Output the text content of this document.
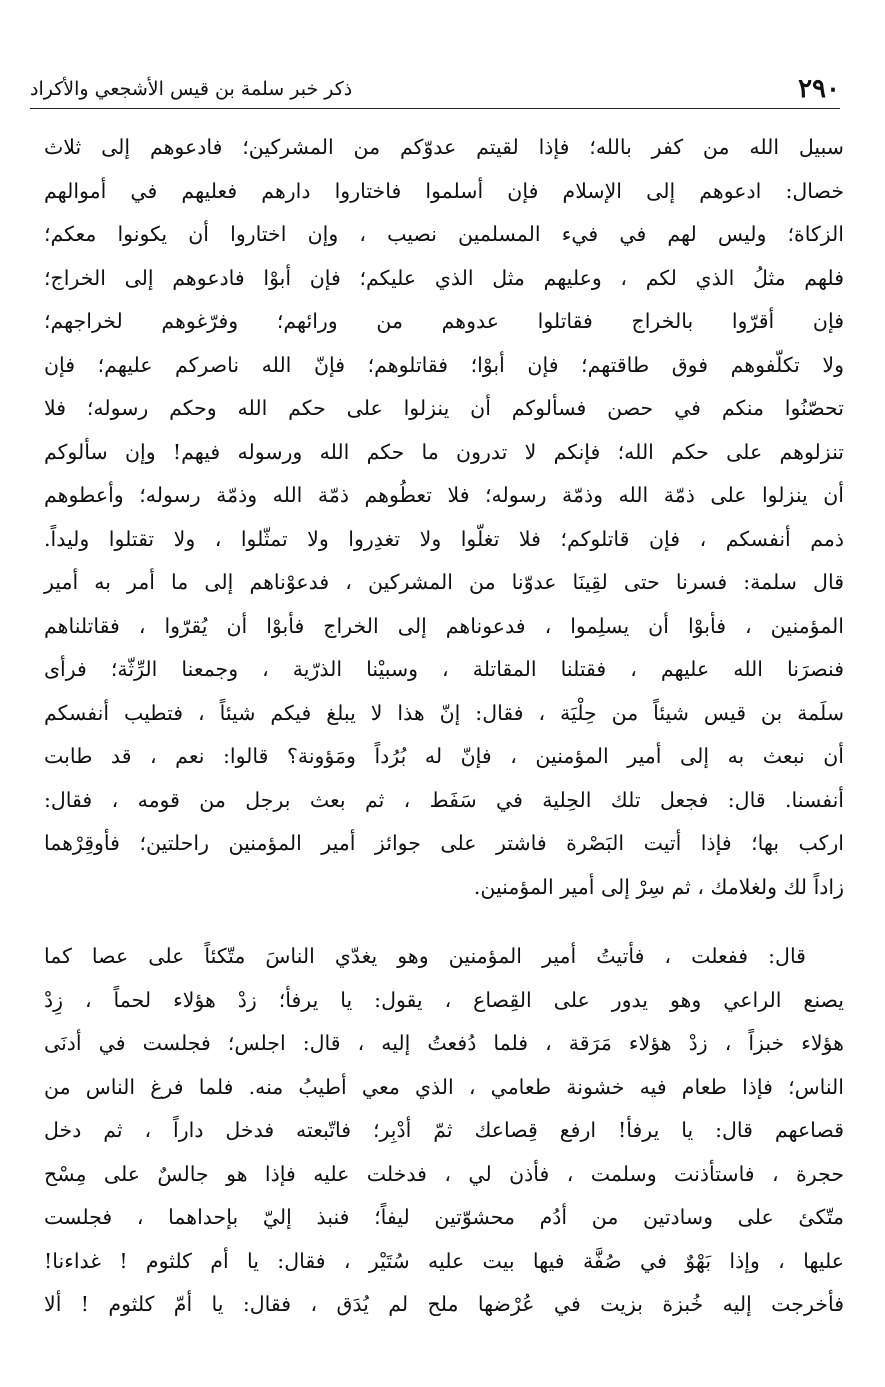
٢٩٠
ذكر خبر سلمة بن قيس الأشجعي والأكراد
سبيل الله من كفر بالله؛ فإذا لقيتم عدوّكم من المشركين؛ فادعوهم إلى ثلاث
خصال: ادعوهم إلى الإسلام فإن أسلموا فاختاروا دارهم فعليهم في أموالهم
الزكاة؛ وليس لهم في فيء المسلمين نصيب ، وإن اختاروا أن يكونوا معكم؛
فلهم مثلُ الذي لكم ، وعليهم مثل الذي عليكم؛ فإن أبوْا فادعوهم إلى الخراج؛
فإن أقرّوا بالخراج فقاتلوا عدوهم من ورائهم؛ وفرّغوهم لخراجهم؛
ولا تكلّفوهم فوق طاقتهم؛ فإن أبوْا؛ فقاتلوهم؛ فإنّ الله ناصركم عليهم؛ فإن
تحصّنُوا منكم في حصن فسألوكم أن ينزلوا على حكم الله وحكم رسوله؛ فلا
تنزلوهم على حكم الله؛ فإنكم لا تدرون ما حكم الله ورسوله فيهم! وإن سألوكم
أن ينزلوا على ذمّة الله وذمّة رسوله؛ فلا تعطُوهم ذمّة الله وذمّة رسوله؛ وأعطوهم
ذمم أنفسكم ، فإن قاتلوكم؛ فلا تغلّوا ولا تغدِروا ولا تمثّلوا ، ولا تقتلوا وليداً.
قال سلمة: فسرنا حتى لقِينَا عدوّنا من المشركين ، فدعوْناهم إلى ما أمر به أمير
المؤمنين ، فأبوْا أن يسلِموا ، فدعوناهم إلى الخراج فأبوْا أن يُقرّوا ، فقاتلناهم
فنصرَنا الله عليهم ، فقتلنا المقاتلة ، وسبيْنا الذرّية ، وجمعنا الرِّثّة؛ فرأى
سلَمة بن قيس شيئاً من حِلْيَة ، فقال: إنّ هذا لا يبلغ فيكم شيئاً ، فتطيب أنفسكم
أن نبعث به إلى أمير المؤمنين ، فإنّ له بُرُداً ومَؤونة؟ قالوا: نعم ، قد طابت
أنفسنا. قال: فجعل تلك الحِلية في سَفَط ، ثم بعث برجل من قومه ، فقال:
اركب بها؛ فإذا أتيت البَصْرة فاشتر على جوائز أمير المؤمنين راحلتين؛ فأوقِرْهما
زاداً لك ولغلامك ، ثم سِرْ إلى أمير المؤمنين.
قال: ففعلت ، فأتيتُ أمير المؤمنين وهو يغدّي الناسَ متّكئاً على عصا كما
يصنع الراعي وهو يدور على القِصاع ، يقول: يا يرفأ؛ زدْ هؤلاء لحماً ، زِدْ
هؤلاء خبزاً ، زدْ هؤلاء مَرَقة ، فلما دُفعتُ إليه ، قال: اجلس؛ فجلست في أدنَى
الناس؛ فإذا طعام فيه خشونة طعامي ، الذي معي أطيبُ منه. فلما فرغ الناس من
قصاعهم قال: يا يرفأ! ارفع قِصاعك ثمّ أدْبِر؛ فاتّبعته فدخل داراً ، ثم دخل
حجرة ، فاستأذنت وسلمت ، فأذن لي ، فدخلت عليه فإذا هو جالسٌ على مِسْح
متّكئ على وسادتين من أدُم محشوّتين ليفاً؛ فنبذ إليّ بإحداهما ، فجلست
عليها ، وإذا بَهْوٌ في صُفَّة فيها بيت عليه سُتَيْر ، فقال: يا أم كلثوم ! غداءنا!
فأخرجت إليه خُبزة بزيت في عُرْضها ملح لم يُدَق ، فقال: يا أمّ كلثوم ! ألا
